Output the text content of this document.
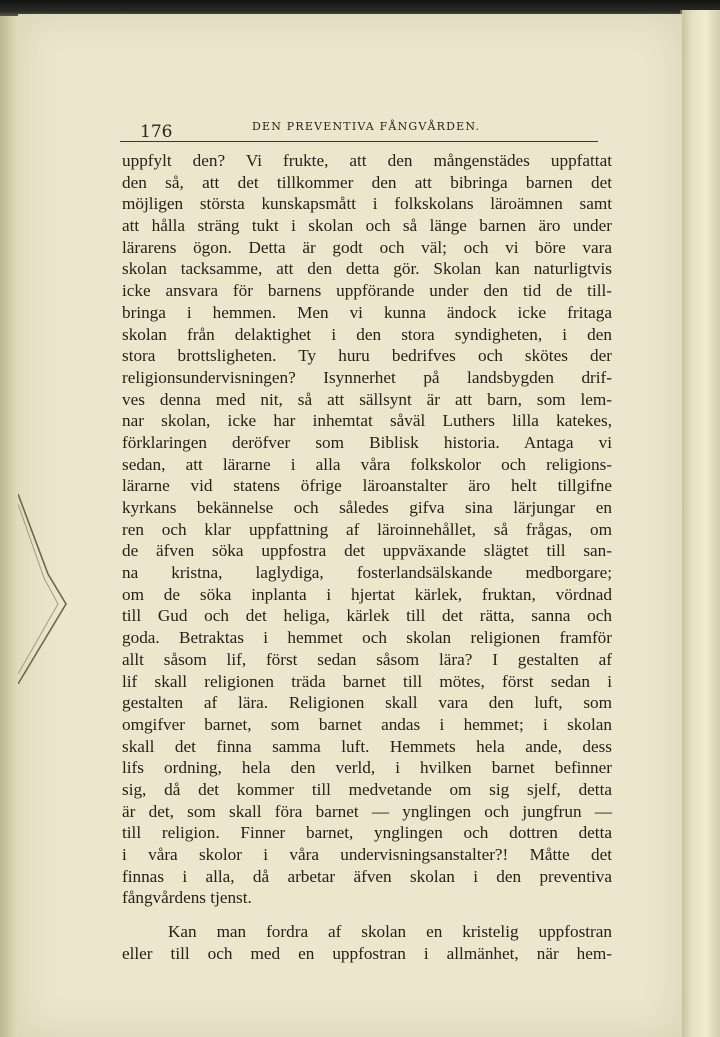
176	DEN PREVENTIVA FÅNGVÅRDEN.
uppfylt den? Vi frukte, att den mångenstädes uppfattat
den så, att det tillkommer den att bibringa barnen det
möjligen största kunskapsmått i folkskolans läroämnen samt
att hålla sträng tukt i skolan och så länge barnen äro under
lärarens ögon. Detta är godt och väl; och vi böre vara
skolan tacksamme, att den detta gör. Skolan kan naturligtvis
icke ansvara för barnens uppförande under den tid de till-
bringa i hemmen. Men vi kunna ändock icke fritaga
skolan från delaktighet i den stora syndigheten, i den
stora brottsligheten. Ty huru bedrifves och skötes der
religionsundervisningen? Isynnerhet på landsbygden drif-
ves denna med nit, så att sällsynt är att barn, som lem-
nar skolan, icke har inhemtat såväl Luthers lilla katekes,
förklaringen deröfver som Biblisk historia. Antaga vi
sedan, att lärarne i alla våra folkskolor och religions-
lärarne vid statens öfrige läroanstalter äro helt tillgifne
kyrkans bekännelse och således gifva sina lärjungar en
ren och klar uppfattning af läroinnehållet, så frågas, om
de äfven söka uppfostra det uppväxande slägtet till san-
na kristna, laglydiga, fosterlandsälskande medborgare;
om de söka inplanta i hjertat kärlek, fruktan, vördnad
till Gud och det heliga, kärlek till det rätta, sanna och
goda. Betraktas i hemmet och skolan religionen framför
allt såsom lif, först sedan såsom lära? I gestalten af
lif skall religionen träda barnet till mötes, först sedan i
gestalten af lära. Religionen skall vara den luft, som
omgifver barnet, som barnet andas i hemmet; i skolan
skall det finna samma luft. Hemmets hela ande, dess
lifs ordning, hela den verld, i hvilken barnet befinner
sig, då det kommer till medvetande om sig sjelf, detta
är det, som skall föra barnet — ynglingen och jungfrun —
till religion. Finner barnet, ynglingen och dottren detta
i våra skolor i våra undervisningsanstalter?! Måtte det
finnas i alla, då arbetar äfven skolan i den preventiva
fångvårdens tjenst.
Kan man fordra af skolan en kristelig uppfostran
eller till och med en uppfostran i allmänhet, när hem-
